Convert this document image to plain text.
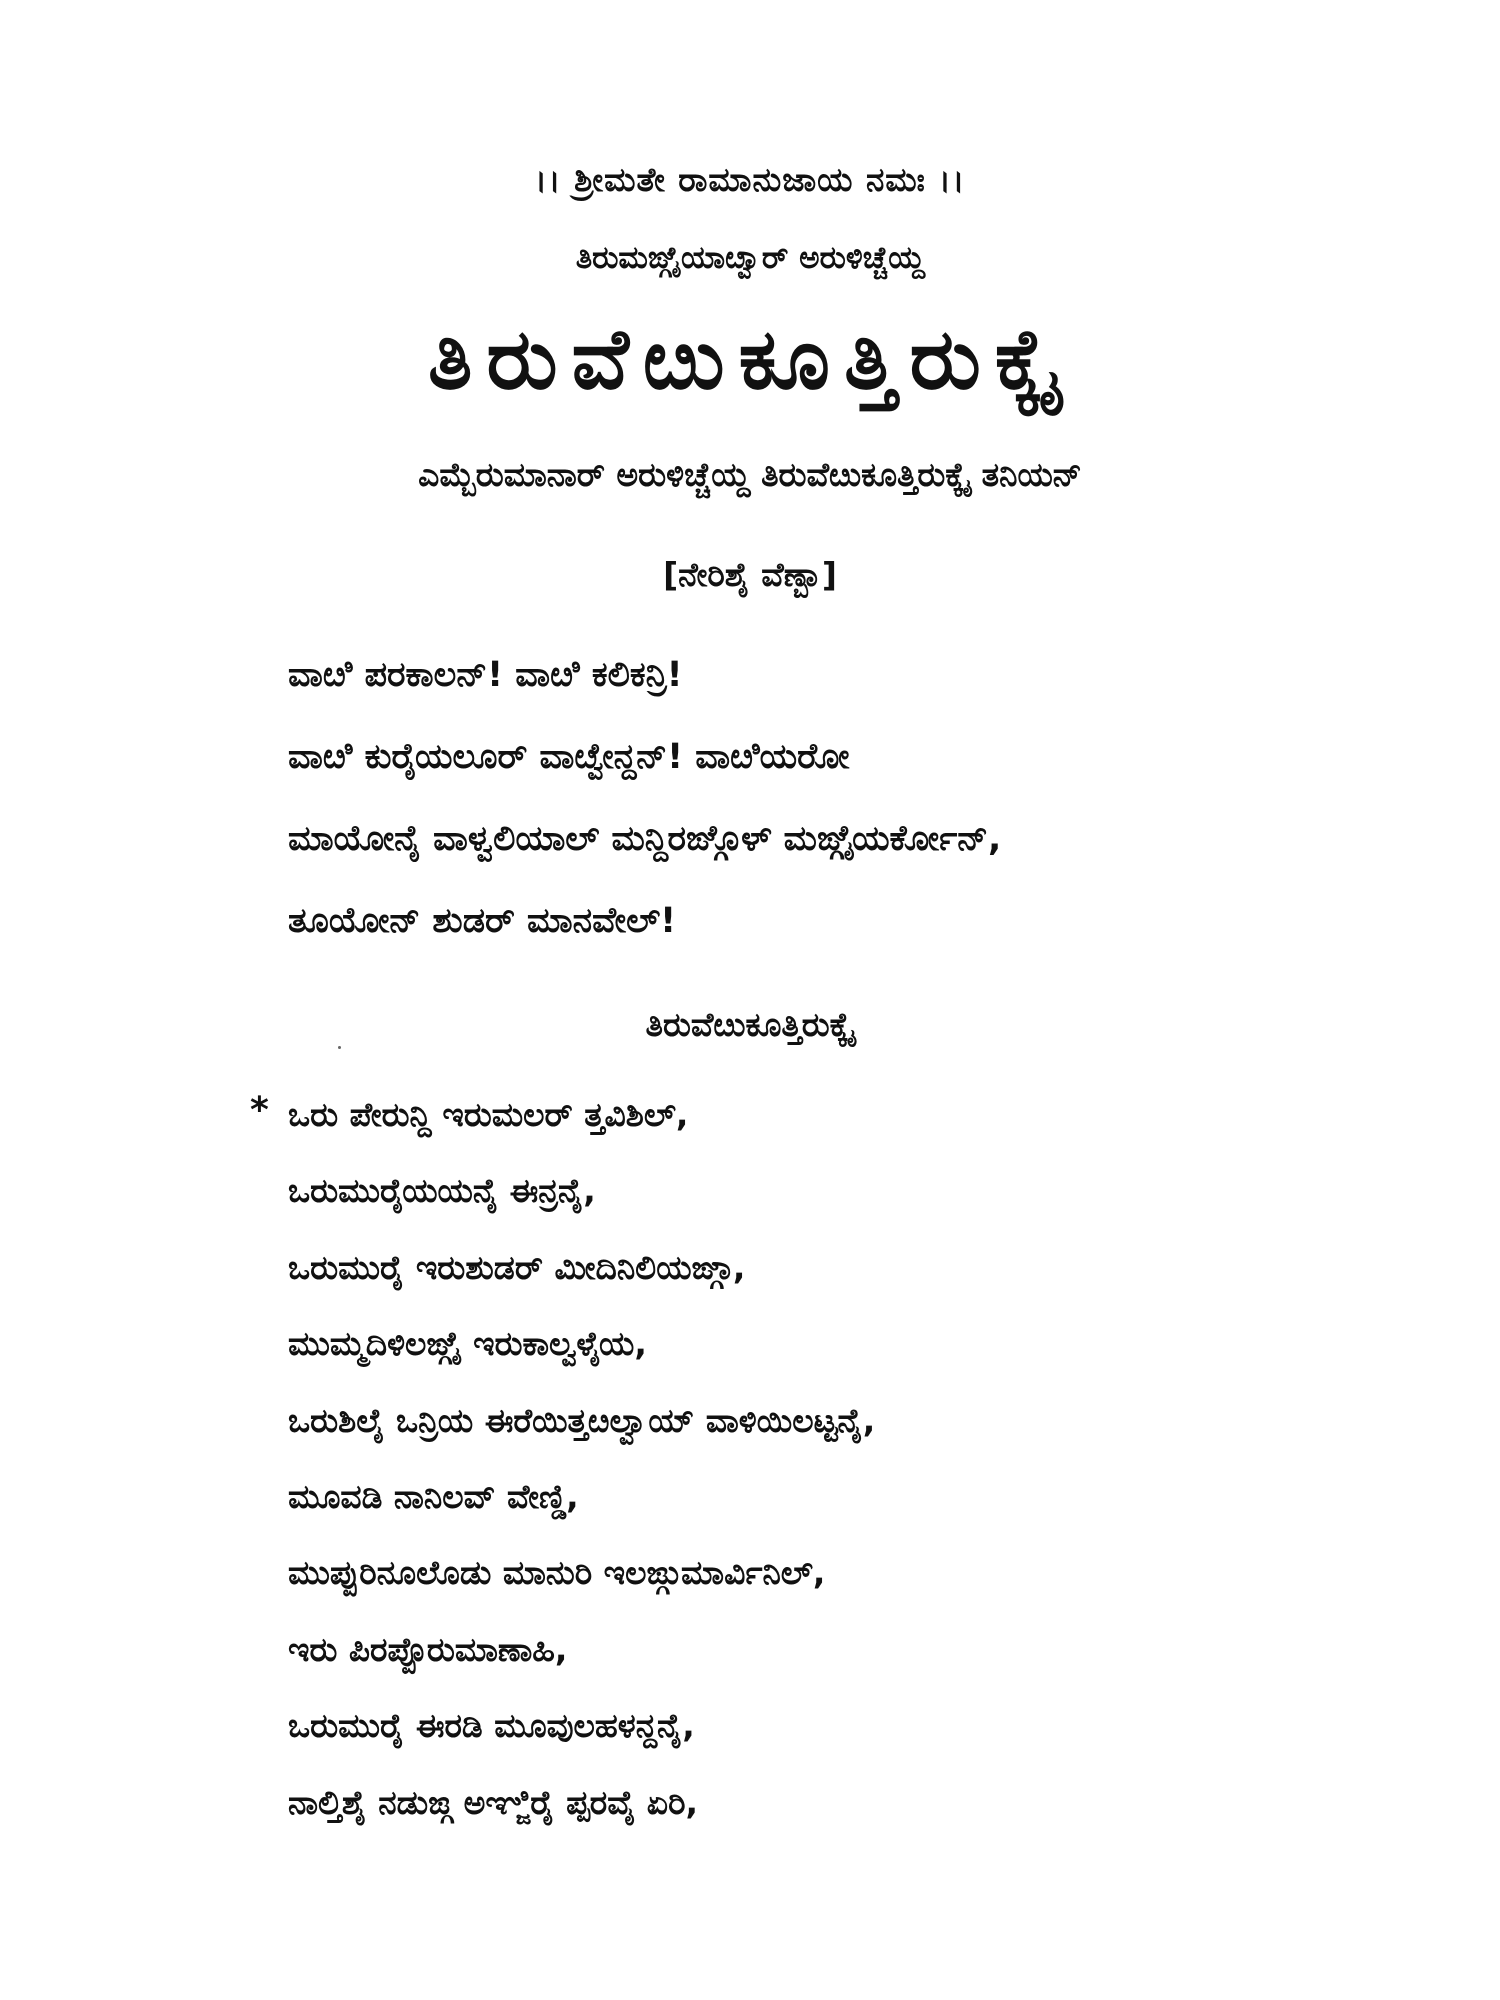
।। ಶ್ರೀಮತೇ ರಾಮಾನುಜಾಯ ನಮಃ ।।
ತಿರುಮಙ್ಗೈಯಾೞ್ವಾರ್ ಅರುಳಿಚ್ಚೆಯ್ದ
ತಿರುವೆೞುಕೂತ್ತಿರುಕ್ಕೈ
ಎಮ್ಬೆರುಮಾನಾರ್ ಅರುಳಿಚ್ಚೆಯ್ದ ತಿರುವೆೞುಕೂತ್ತಿರುಕ್ಕೈ ತನಿಯನ್
[ನೇರಿಶೈ ವೆಣ್ಬಾ]
ವಾೞಿ ಪರಕಾಲನ್! ವಾೞಿ ಕಲಿಕನ್ರಿ!
ವಾೞಿ ಕುರೈಯಲೂರ್ ವಾೞ್ವೇನ್ದನ್! ವಾೞಿಯರೋ
ಮಾಯೋನೈ ವಾಳ್ವಲಿಯಾಲ್ ಮನ್ದಿರಙ್ಗೊಳ್ ಮಙ್ಗೈಯರ್ಕೋನ್,
ತೂಯೋನ್ ಶುಡರ್ ಮಾನವೇಲ್!
ತಿರುವೆೞುಕೂತ್ತಿರುಕ್ಕೈ
* ಒರು ಪೇರುನ್ದಿ ಇರುಮಲರ್ ತ್ತವಿಶಿಲ್,
ಒರುಮುರೈಯಯನೈ ಈನ್ರನೈ,
ಒರುಮುರೈ ಇರುಶುಡರ್ ಮೀದಿನಿಲಿಯಙ್ಗಾ,
ಮುಮ್ಮದಿಳಿಲಙ್ಗೈ ಇರುಕಾಲ್ವಳೈಯ,
ಒರುಶಿಲೈ ಒನ್ರಿಯ ಈರೆಯಿತ್ತೞಲ್ವಾಯ್ ವಾಳಿಯಿಲಟ್ಟನೈ,
ಮೂವಡಿ ನಾನಿಲವ್ ವೇಣ್ಡಿ,
ಮುಪ್ಪುರಿನೂಲೊಡು ಮಾನುರಿ ಇಲಙ್ಗುಮಾರ್ವಿನಿಲ್,
ಇರು ಪಿರಪ್ಪೊರುಮಾಣಾಹಿ,
ಒರುಮುರೈ ಈರಡಿ ಮೂವುಲಹಳನ್ದನೈ,
ನಾಲ್ತಿಶೈ ನಡುಙ್ಗ ಅಞ್ಜಿರೈ ಪ್ಪರವೈ ಏರಿ,
